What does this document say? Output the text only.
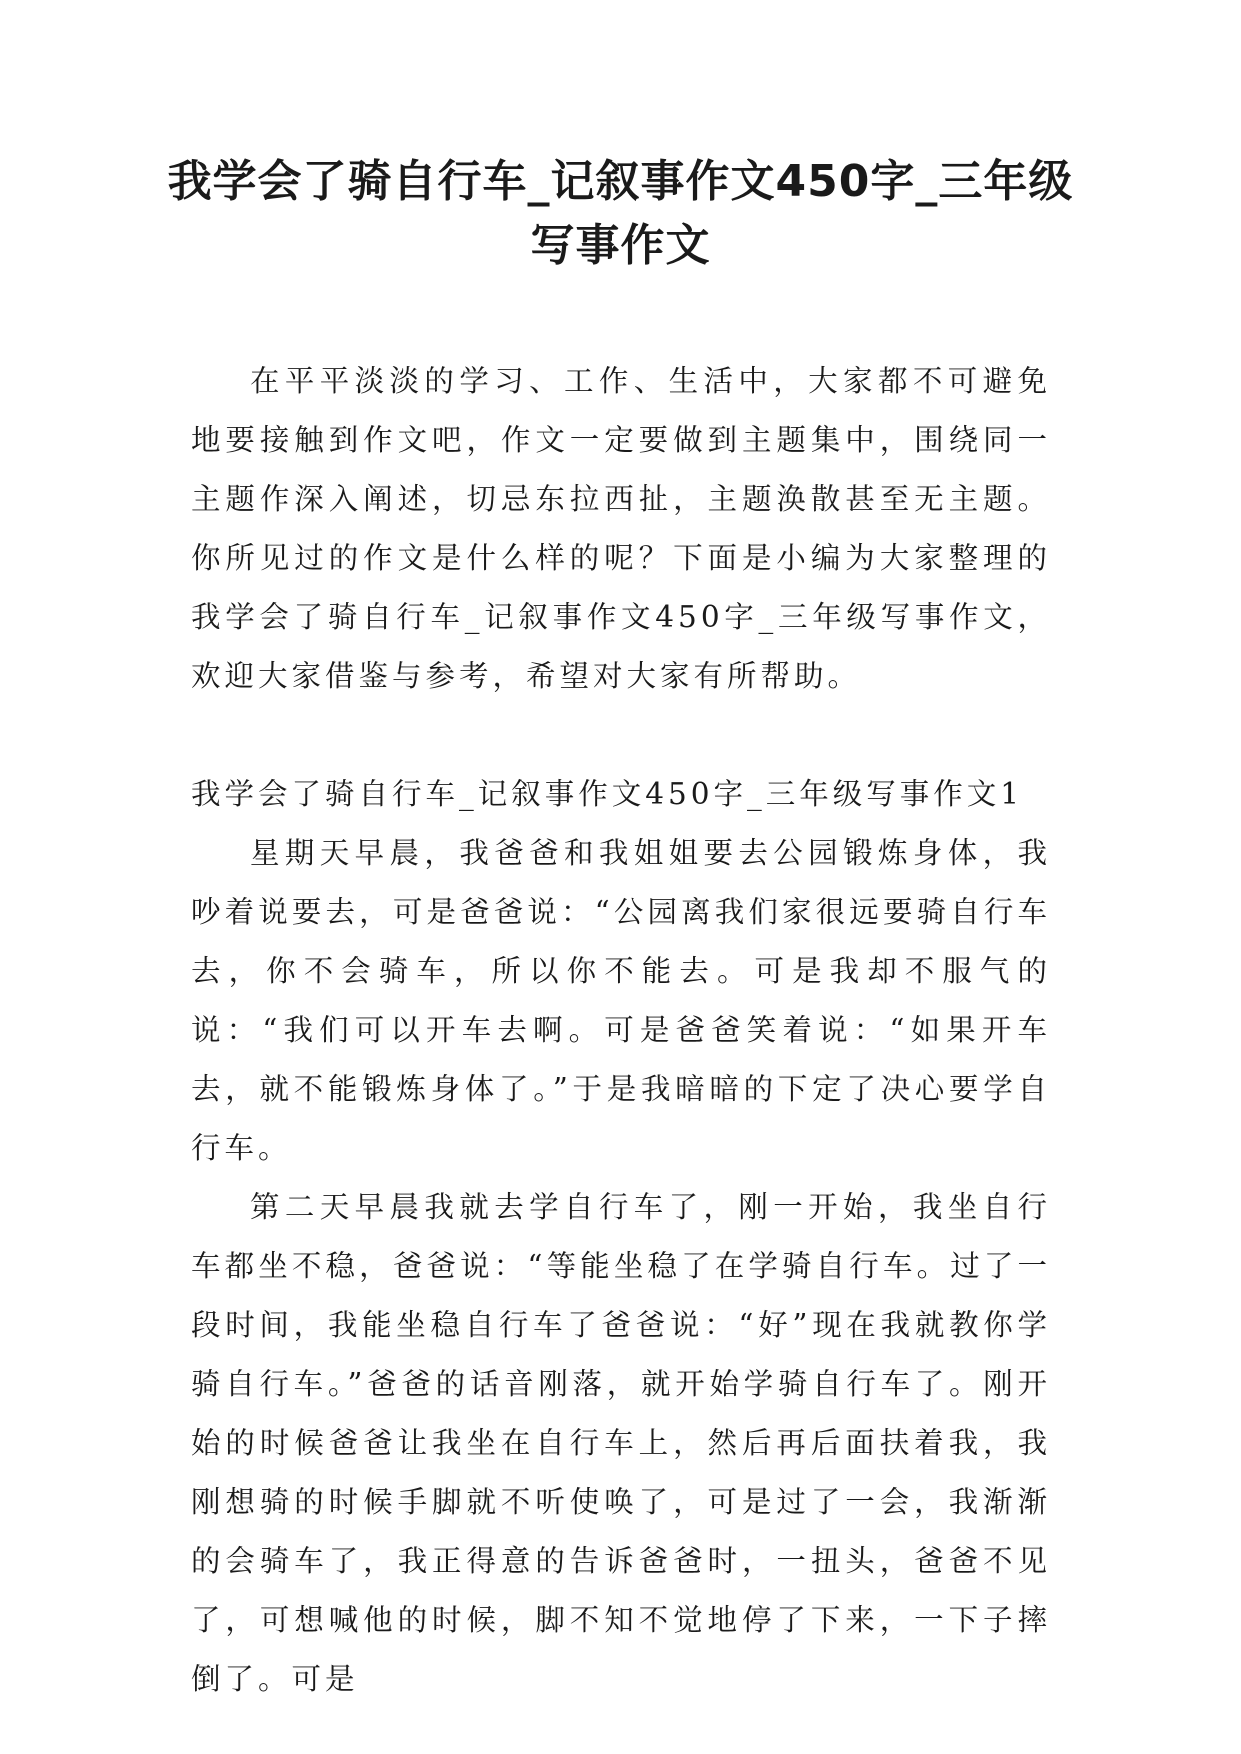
我学会了骑自行车_记叙事作文450字_三年级写事作文

在平平淡淡的学习、工作、生活中，大家都不可避免地要接触到作文吧，作文一定要做到主题集中，围绕同一主题作深入阐述，切忌东拉西扯，主题涣散甚至无主题。你所见过的作文是什么样的呢？下面是小编为大家整理的我学会了骑自行车_记叙事作文450字_三年级写事作文，欢迎大家借鉴与参考，希望对大家有所帮助。

我学会了骑自行车_记叙事作文450字_三年级写事作文1

星期天早晨，我爸爸和我姐姐要去公园锻炼身体，我吵着说要去，可是爸爸说：“公园离我们家很远要骑自行车去，你不会骑车，所以你不能去。可是我却不服气的说：“我们可以开车去啊。可是爸爸笑着说：“如果开车去，就不能锻炼身体了。”于是我暗暗的下定了决心要学自行车。

第二天早晨我就去学自行车了，刚一开始，我坐自行车都坐不稳，爸爸说：“等能坐稳了在学骑自行车。过了一段时间，我能坐稳自行车了爸爸说：“好”现在我就教你学骑自行车。”爸爸的话音刚落，就开始学骑自行车了。刚开始的时候爸爸让我坐在自行车上，然后再后面扶着我，我刚想骑的时候手脚就不听使唤了，可是过了一会，我渐渐的会骑车了，我正得意的告诉爸爸时，一扭头，爸爸不见了，可想喊他的时候，脚不知不觉地停了下来，一下子摔倒了。可是
